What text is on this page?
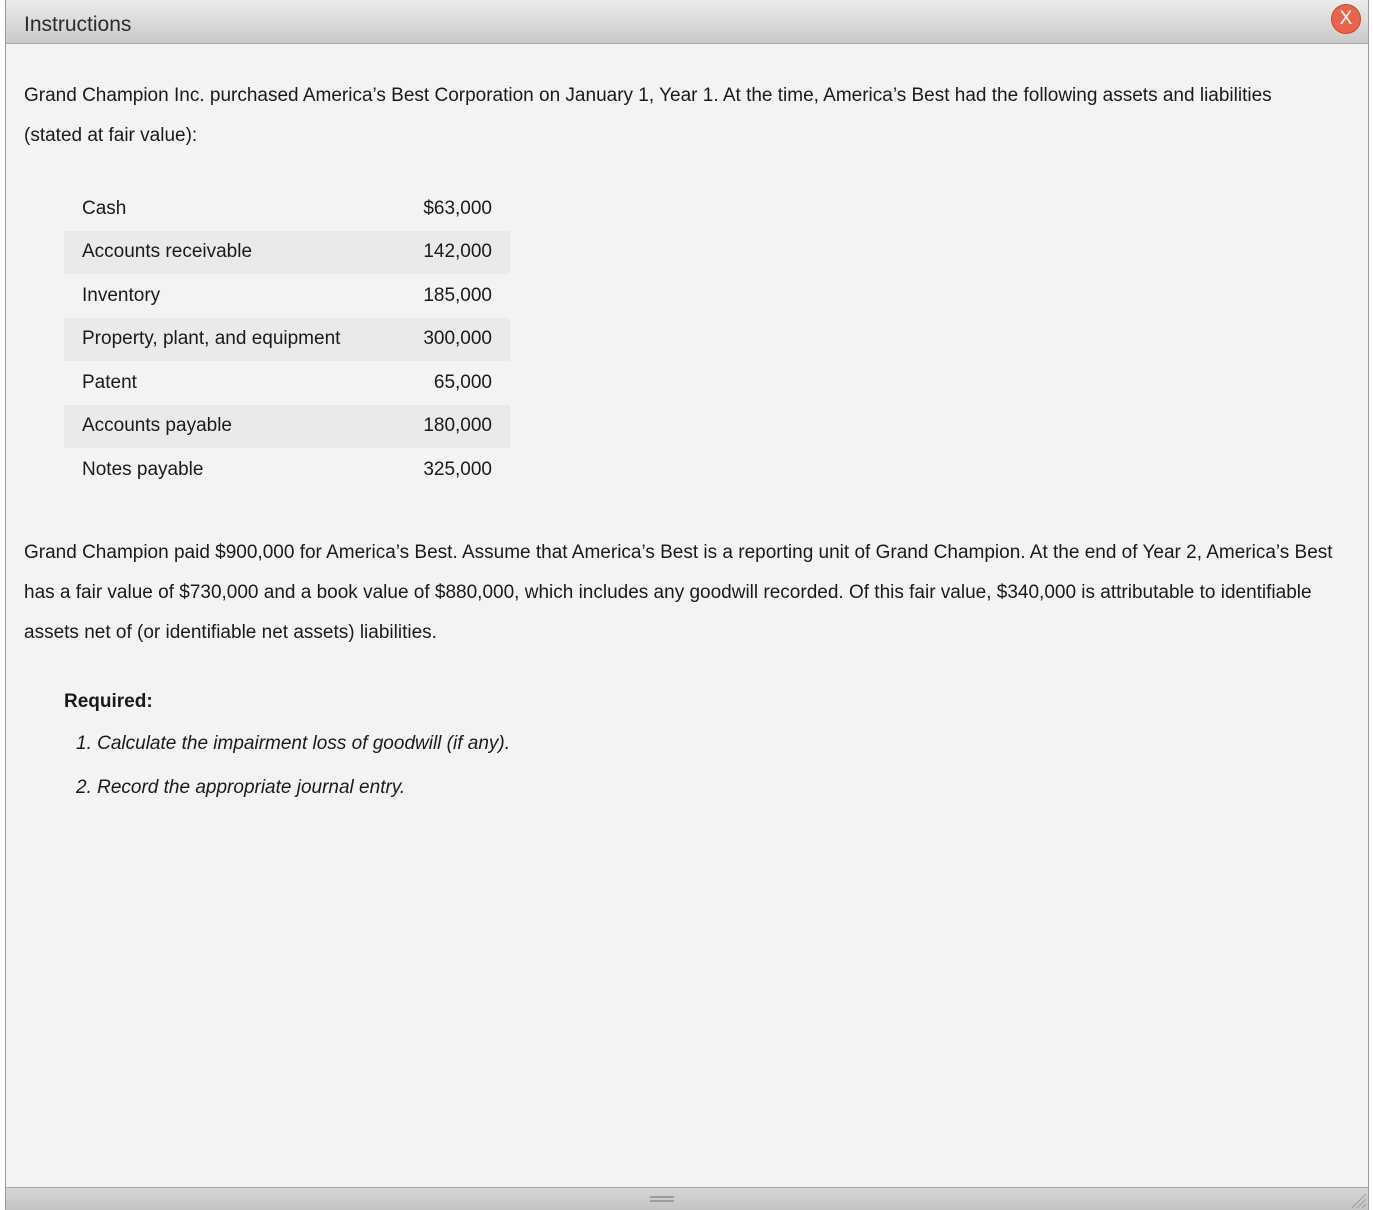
Instructions	X

Grand Champion Inc. purchased America’s Best Corporation on January 1, Year 1. At the time, America’s Best had the following assets and liabilities (stated at fair value):

Cash	$63,000
Accounts receivable	142,000
Inventory	185,000
Property, plant, and equipment	300,000
Patent	65,000
Accounts payable	180,000
Notes payable	325,000

Grand Champion paid $900,000 for America’s Best. Assume that America’s Best is a reporting unit of Grand Champion. At the end of Year 2, America’s Best has a fair value of $730,000 and a book value of $880,000, which includes any goodwill recorded. Of this fair value, $340,000 is attributable to identifiable assets net of (or identifiable net assets) liabilities.

Required:
1. Calculate the impairment loss of goodwill (if any).
2. Record the appropriate journal entry.
